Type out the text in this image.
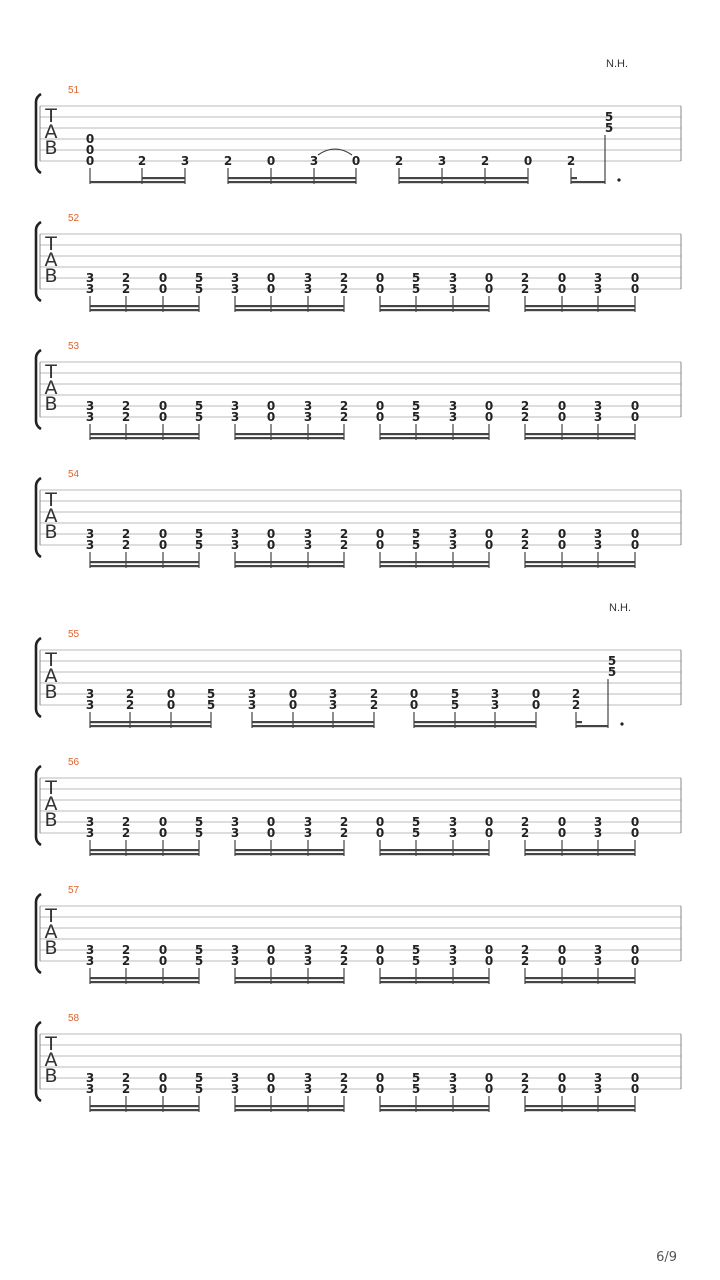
T
A
B
51
N.H.
0
0
0	2	3	2	0	3	0	2	3	2	0	2
5
5
T
A
B
52
3
3
2
2
0
0
5
5
3
3
0
0
3
3
2
2
0
0
5
5
3
3
0
0
2
2
0
0
3
3
0
0
T
A
B
53
3
3
2
2
0
0
5
5
3
3
0
0
3
3
2
2
0
0
5
5
3
3
0
0
2
2
0
0
3
3
0
0
T
A
B
54
3
3
2
2
0
0
5
5
3
3
0
0
3
3
2
2
0
0
5
5
3
3
0
0
2
2
0
0
3
3
0
0
T
A
B
55
N.H.
3
3
2
2
0
0
5
5
3
3
0
0
3
3
2
2
0
0
5
5
3
3
0
0
2
2
5
5
T
A
B
56
3
3
2
2
0
0
5
5
3
3
0
0
3
3
2
2
0
0
5
5
3
3
0
0
2
2
0
0
3
3
0
0
T
A
B
57
3
3
2
2
0
0
5
5
3
3
0
0
3
3
2
2
0
0
5
5
3
3
0
0
2
2
0
0
3
3
0
0
T
A
B
58
3
3
2
2
0
0
5
5
3
3
0
0
3
3
2
2
0
0
5
5
3
3
0
0
2
2
0
0
3
3
0
0
6/9
